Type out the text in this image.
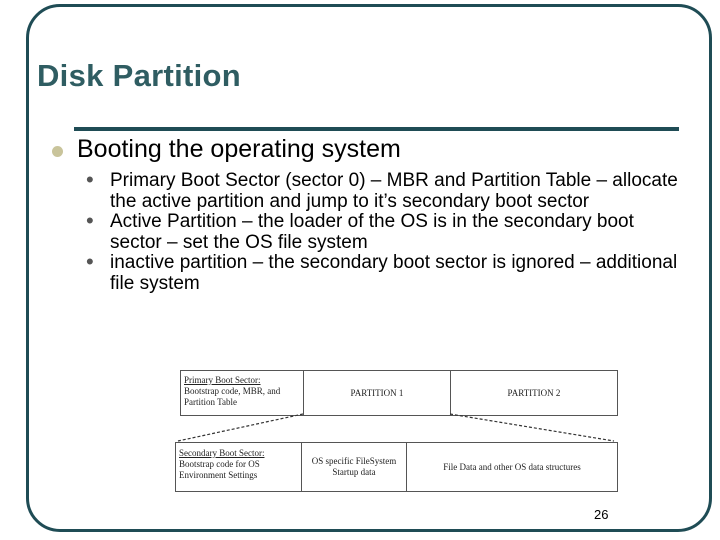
Disk Partition
Booting the operating system
• Primary Boot Sector (sector 0) – MBR and Partition Table – allocate the active partition and jump to it’s secondary boot sector
• Active Partition – the loader of the OS is in the secondary boot sector – set the OS file system
• inactive partition – the secondary boot sector is ignored – additional file system
Primary Boot Sector:
Bootstrap code, MBR, and
Partition Table
PARTITION 1	PARTITION 2
Secondary Boot Sector:
Bootstrap code for OS
Environment Settings
OS specific FileSystem
Startup data	File Data and other OS data structures
26
